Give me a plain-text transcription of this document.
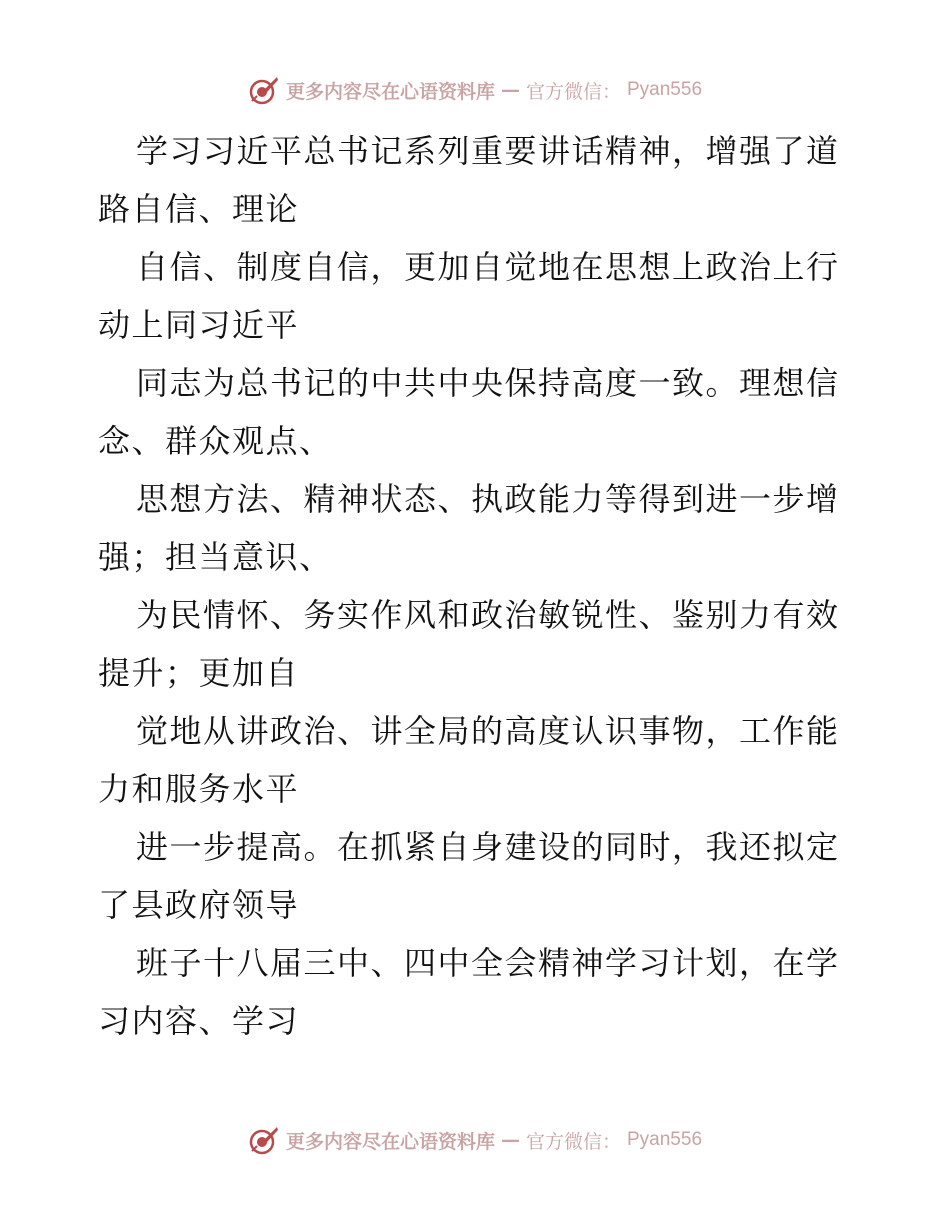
更多内容尽在心语资料库 — 官方微信： Pyan556

学习习近平总书记系列重要讲话精神，增强了道
路自信、理论

自信、制度自信，更加自觉地在思想上政治上行
动上同习近平

同志为总书记的中共中央保持高度一致。理想信
念、群众观点、

思想方法、精神状态、执政能力等得到进一步增
强；担当意识、

为民情怀、务实作风和政治敏锐性、鉴别力有效
提升；更加自

觉地从讲政治、讲全局的高度认识事物，工作能
力和服务水平

进一步提高。在抓紧自身建设的同时，我还拟定
了县政府领导

班子十八届三中、四中全会精神学习计划，在学
习内容、学习

更多内容尽在心语资料库 — 官方微信： Pyan556
